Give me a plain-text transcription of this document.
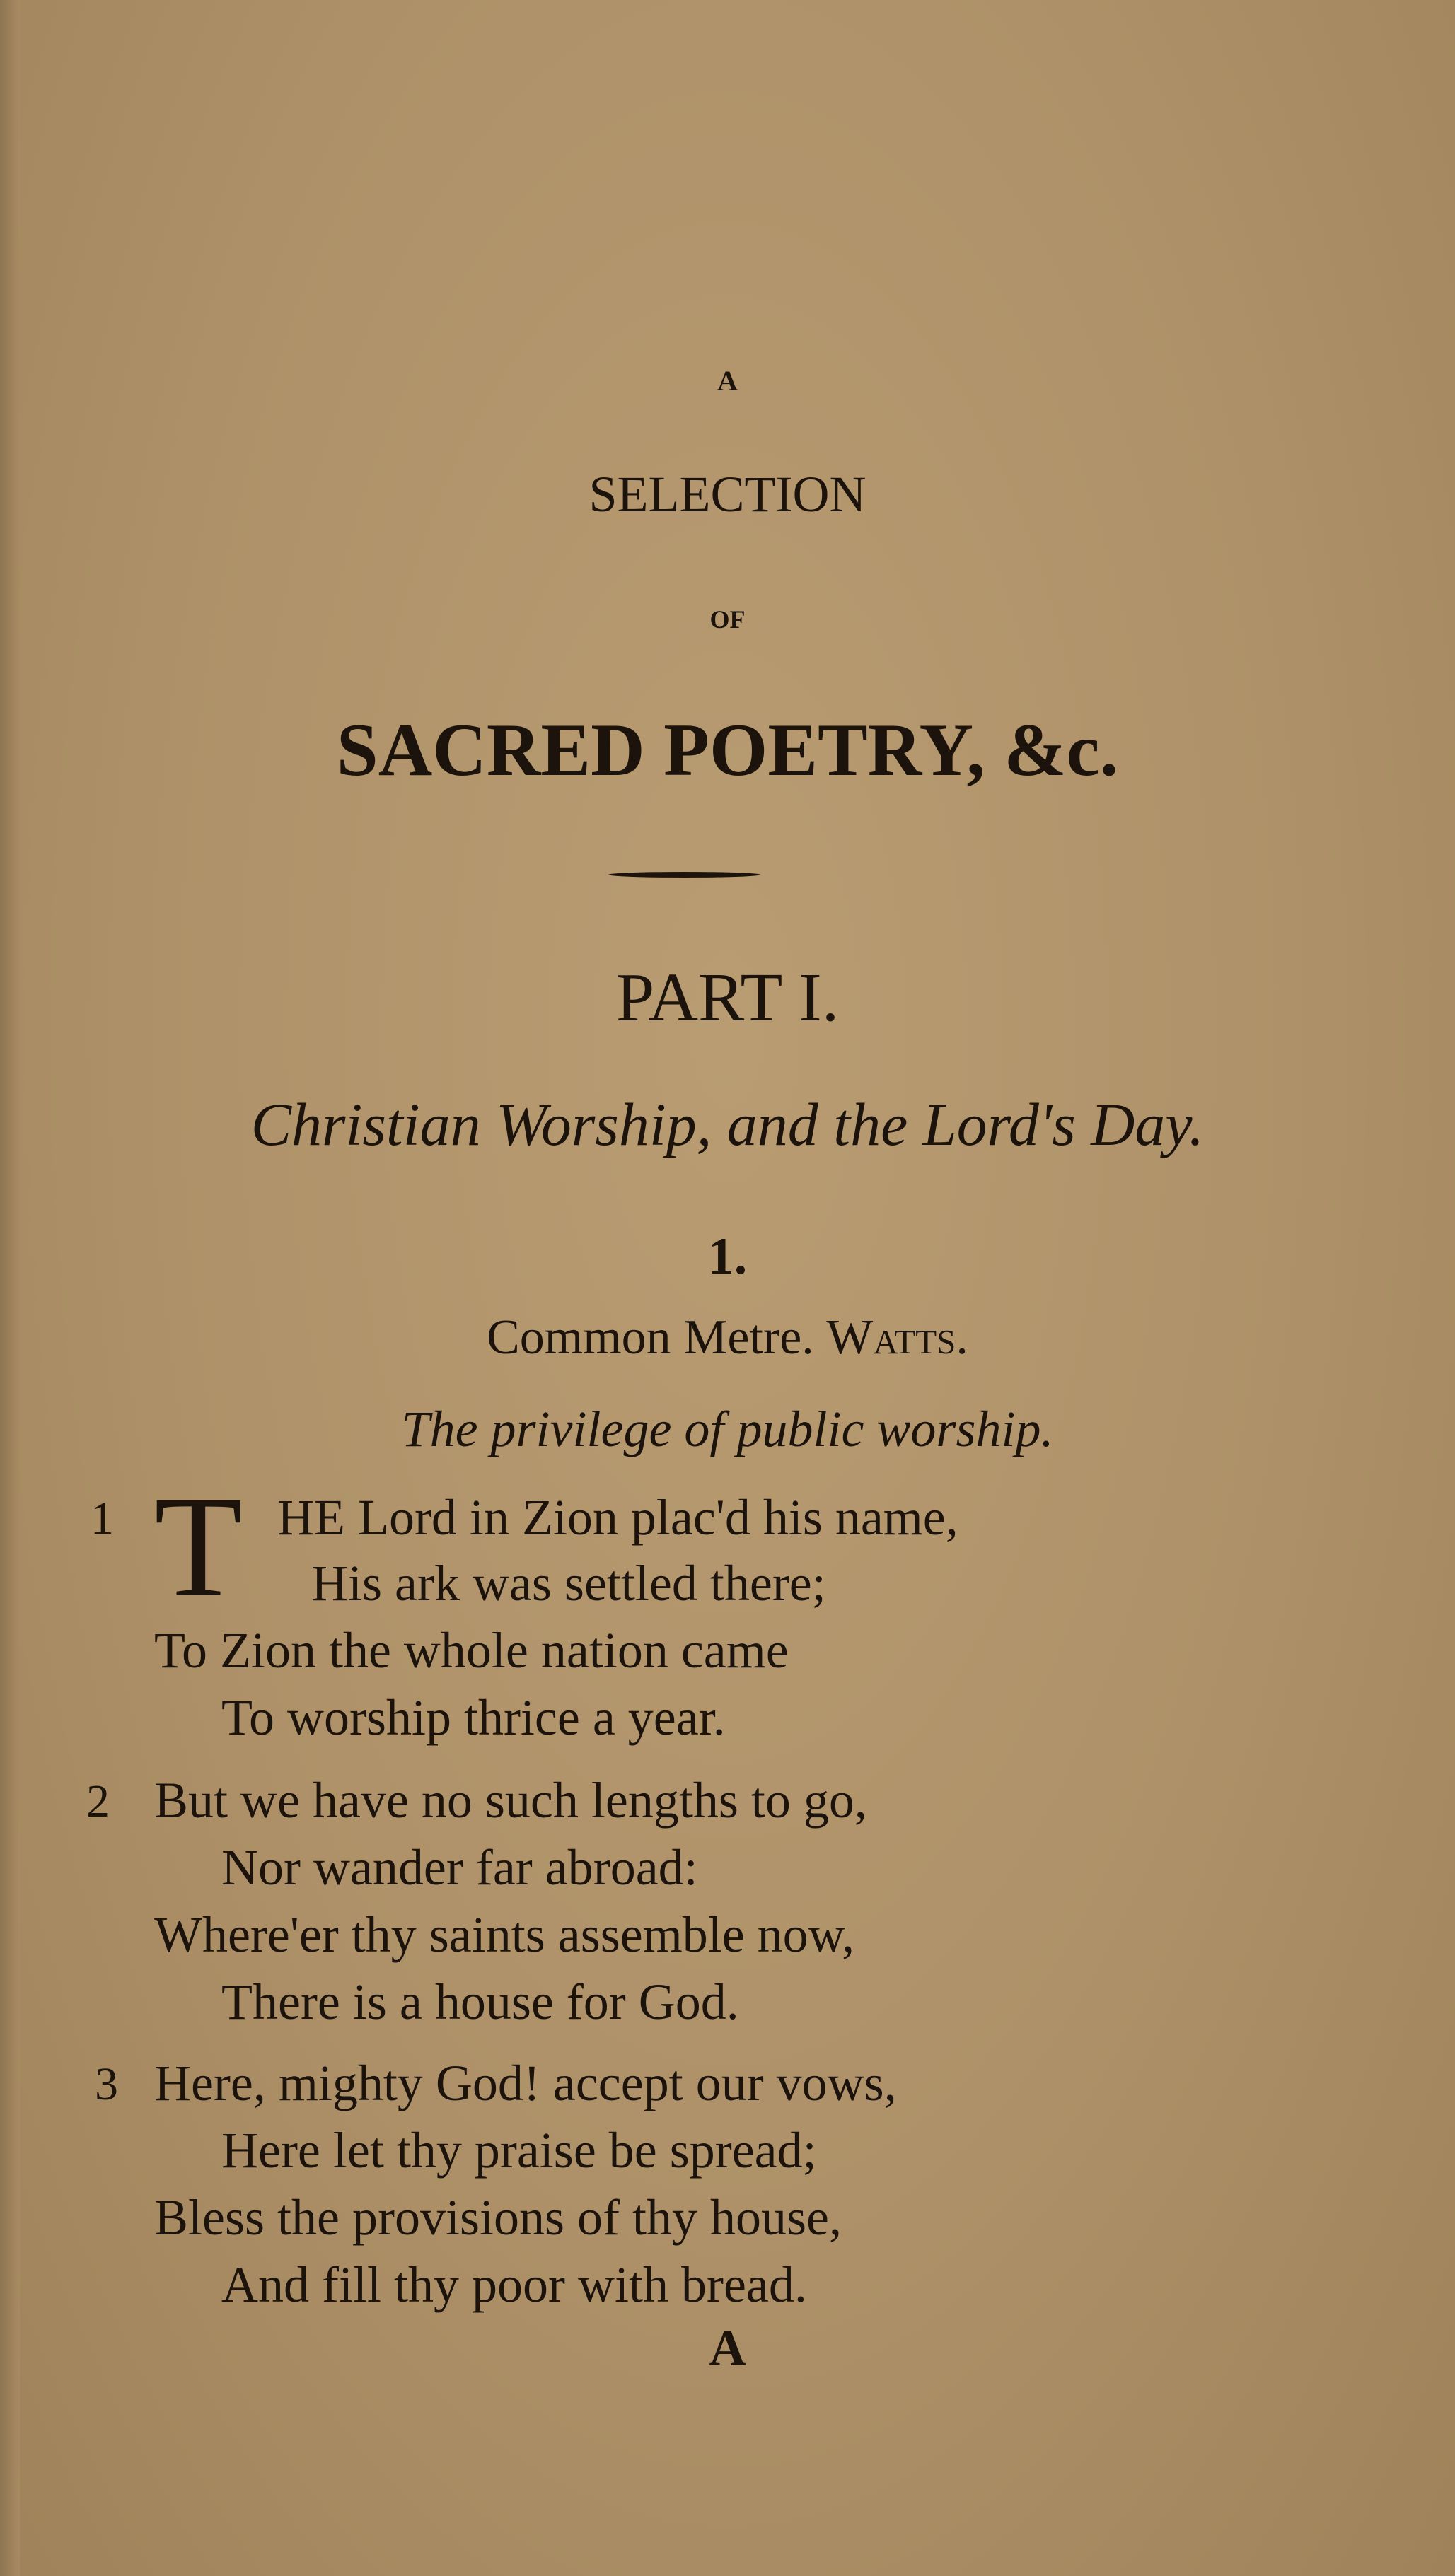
A
SELECTION
OF
SACRED POETRY, &c.
PART I.
Christian Worship, and the Lord's Day.
1.
Common Metre. Watts.
The privilege of public worship.
1 T HE Lord in Zion plac'd his name,
His ark was settled there;
To Zion the whole nation came
To worship thrice a year.
2 But we have no such lengths to go,
Nor wander far abroad:
Where'er thy saints assemble now,
There is a house for God.
3 Here, mighty God! accept our vows,
Here let thy praise be spread;
Bless the provisions of thy house,
And fill thy poor with bread.
A
